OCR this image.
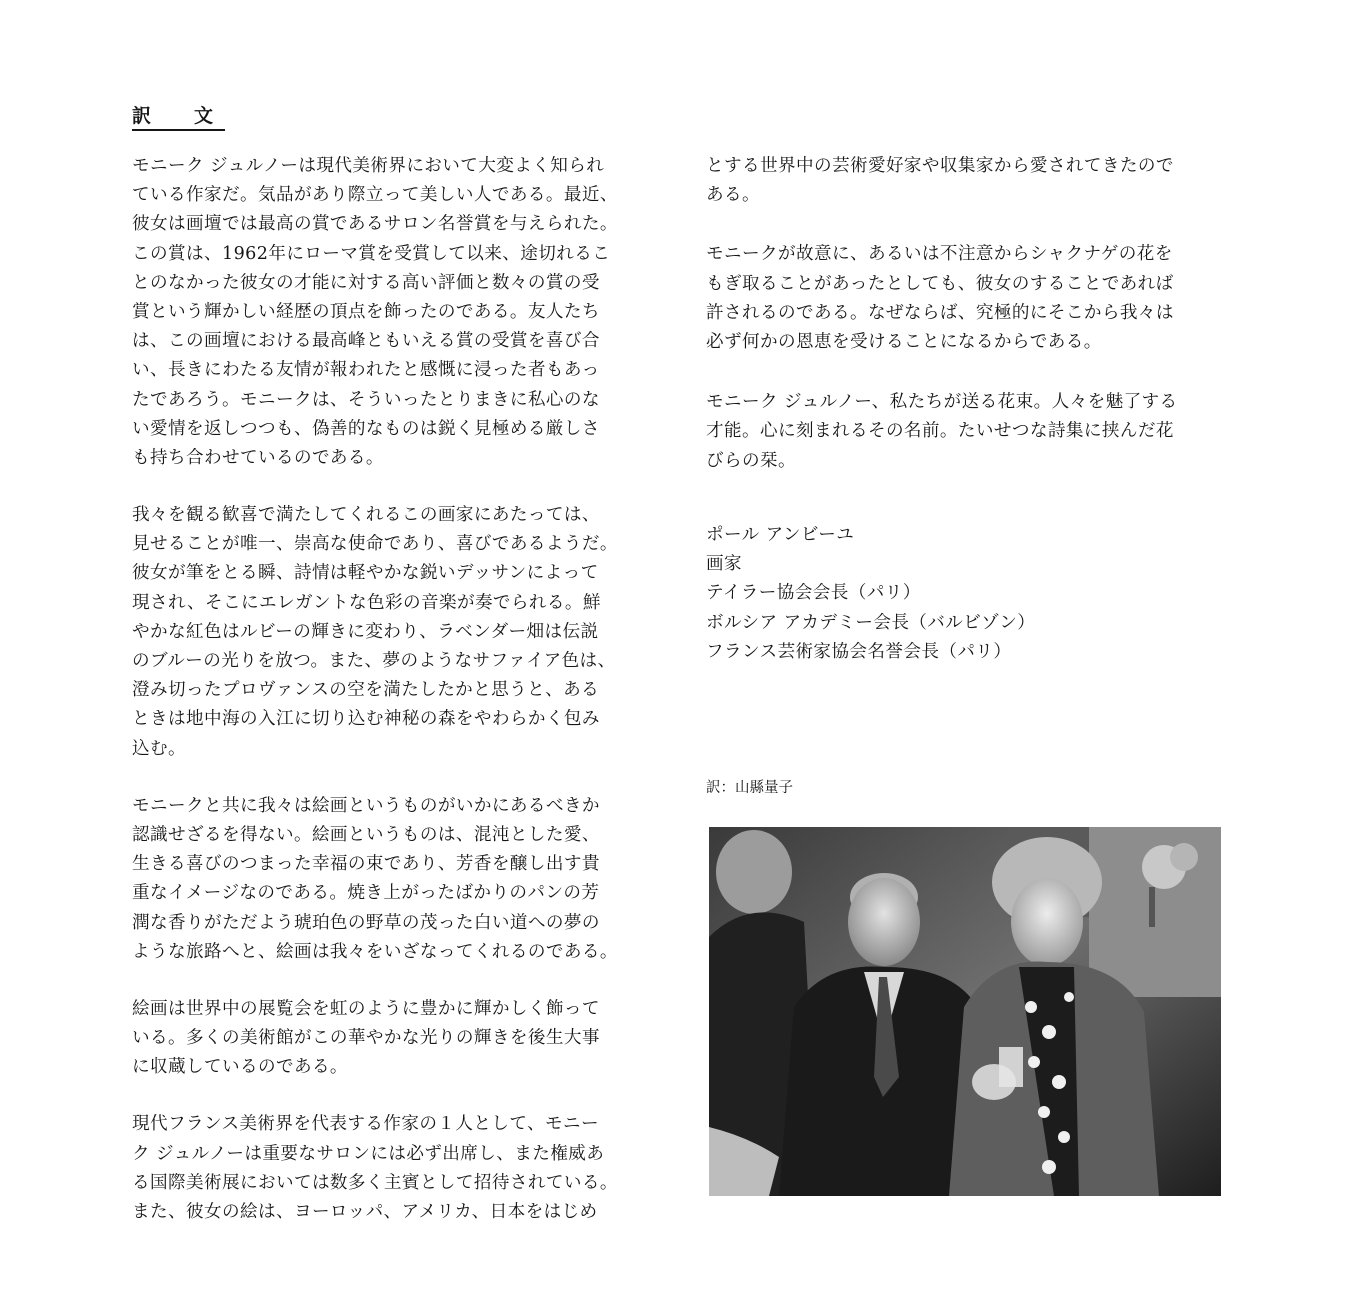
訳　文
モニーク ジュルノーは現代美術界において大変よく知られ
ている作家だ。気品があり際立って美しい人である。最近、
彼女は画壇では最高の賞であるサロン名誉賞を与えられた。
この賞は、1962年にローマ賞を受賞して以来、途切れるこ
とのなかった彼女の才能に対する高い評価と数々の賞の受
賞という輝かしい経歴の頂点を飾ったのである。友人たち
は、この画壇における最高峰ともいえる賞の受賞を喜び合
い、長きにわたる友情が報われたと感慨に浸った者もあっ
たであろう。モニークは、そういったとりまきに私心のな
い愛情を返しつつも、偽善的なものは鋭く見極める厳しさ
も持ち合わせているのである。
我々を観る歓喜で満たしてくれるこの画家にあたっては、
見せることが唯一、崇高な使命であり、喜びであるようだ。
彼女が筆をとる瞬、詩情は軽やかな鋭いデッサンによって
現され、そこにエレガントな色彩の音楽が奏でられる。鮮
やかな紅色はルビーの輝きに変わり、ラベンダー畑は伝説
のブルーの光りを放つ。また、夢のようなサファイア色は、
澄み切ったプロヴァンスの空を満たしたかと思うと、ある
ときは地中海の入江に切り込む神秘の森をやわらかく包み
込む。
モニークと共に我々は絵画というものがいかにあるべきか
認識せざるを得ない。絵画というものは、混沌とした愛、
生きる喜びのつまった幸福の束であり、芳香を醸し出す貴
重なイメージなのである。焼き上がったばかりのパンの芳
潤な香りがただよう琥珀色の野草の茂った白い道への夢の
ような旅路へと、絵画は我々をいざなってくれるのである。
絵画は世界中の展覧会を虹のように豊かに輝かしく飾って
いる。多くの美術館がこの華やかな光りの輝きを後生大事
に収蔵しているのである。
現代フランス美術界を代表する作家の１人として、モニー
ク ジュルノーは重要なサロンには必ず出席し、また権威あ
る国際美術展においては数多く主賓として招待されている。
また、彼女の絵は、ヨーロッパ、アメリカ、日本をはじめ
とする世界中の芸術愛好家や収集家から愛されてきたので
ある。
モニークが故意に、あるいは不注意からシャクナゲの花を
もぎ取ることがあったとしても、彼女のすることであれば
許されるのである。なぜならば、究極的にそこから我々は
必ず何かの恩恵を受けることになるからである。
モニーク ジュルノー、私たちが送る花束。人々を魅了する
才能。心に刻まれるその名前。たいせつな詩集に挟んだ花
びらの栞。
ポール アンビーユ
画家
テイラー協会会長（パリ）
ボルシア アカデミー会長（バルビゾン）
フランス芸術家協会名誉会長（パリ）
訳：山縣量子
